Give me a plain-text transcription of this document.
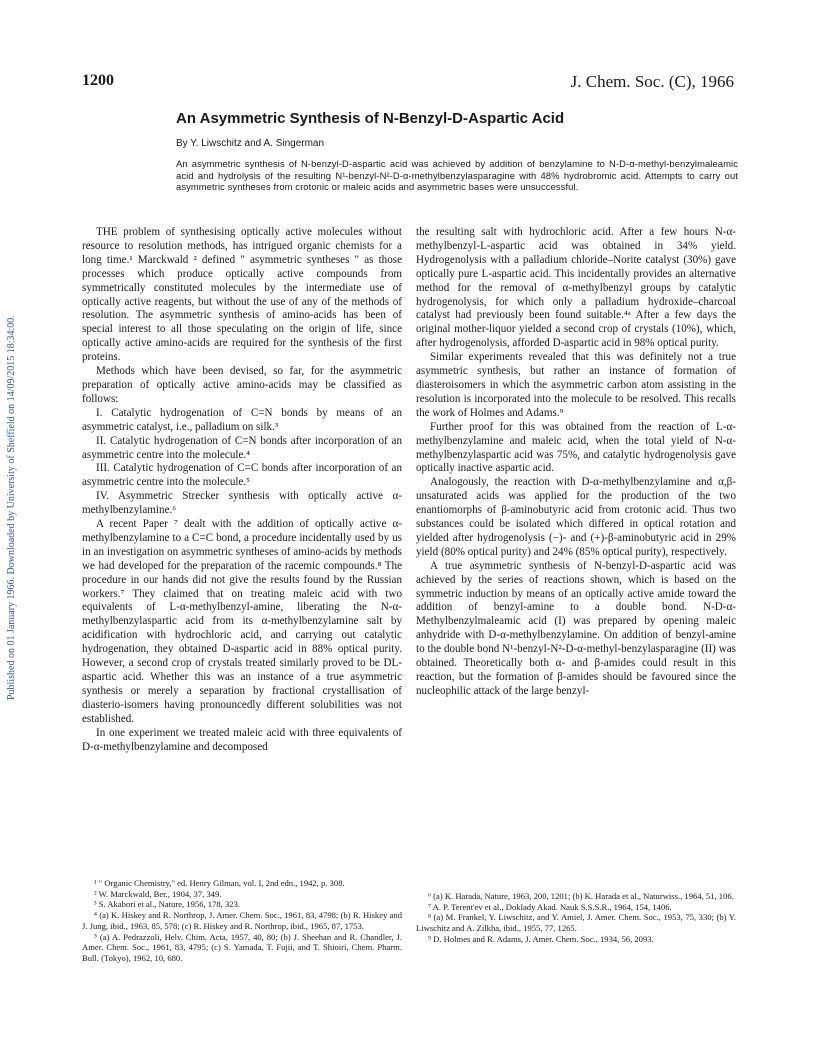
1200	J. Chem. Soc. (C), 1966
An Asymmetric Synthesis of N-Benzyl-D-Aspartic Acid
By Y. Liwschitz and A. Singerman
An asymmetric synthesis of N-benzyl-D-aspartic acid was achieved by addition of benzylamine to N-D-α-methyl-benzylmaleamic acid and hydrolysis of the resulting N¹-benzyl-N²-D-α-methylbenzylasparagine with 48% hydrobromic acid. Attempts to carry out asymmetric syntheses from crotonic or maleic acids and asymmetric bases were unsuccessful.
Published on 01 January 1966. Downloaded by University of Sheffield on 14/09/2015 18:34:00.

THE problem of synthesising optically active molecules without resource to resolution methods, has intrigued organic chemists for a long time.¹ Marckwald ² defined " asymmetric syntheses " as those processes which produce optically active compounds from symmetrically constituted molecules by the intermediate use of optically active reagents, but without the use of any of the methods of resolution. The asymmetric synthesis of amino-acids has been of special interest to all those speculating on the origin of life, since optically active amino-acids are required for the synthesis of the first proteins.

Methods which have been devised, so far, for the asymmetric preparation of optically active amino-acids may be classified as follows:

I. Catalytic hydrogenation of C=N bonds by means of an asymmetric catalyst, i.e., palladium on silk.³

II. Catalytic hydrogenation of C=N bonds after incorporation of an asymmetric centre into the molecule.⁴

III. Catalytic hydrogenation of C=C bonds after incorporation of an asymmetric centre into the molecule.⁵

IV. Asymmetric Strecker synthesis with optically active α-methylbenzylamine.⁶

A recent Paper ⁷ dealt with the addition of optically active α-methylbenzylamine to a C=C bond, a procedure incidentally used by us in an investigation on asymmetric syntheses of amino-acids by methods we had developed for the preparation of the racemic compounds.⁸ The procedure in our hands did not give the results found by the Russian workers.⁷ They claimed that on treating maleic acid with two equivalents of L-α-methylbenzyl-amine, liberating the N-α-methylbenzylaspartic acid from its α-methylbenzylamine salt by acidification with hydrochloric acid, and carrying out catalytic hydrogenation, they obtained D-aspartic acid in 88% optical purity. However, a second crop of crystals treated similarly proved to be DL-aspartic acid. Whether this was an instance of a true asymmetric synthesis or merely a separation by fractional crystallisation of diasterio-isomers having pronouncedly different solubilities was not established.

In one experiment we treated maleic acid with three equivalents of D-α-methylbenzylamine and decomposed

the resulting salt with hydrochloric acid. After a few hours N-α-methylbenzyl-L-aspartic acid was obtained in 34% yield. Hydrogenolysis with a palladium chloride–Norite catalyst (30%) gave optically pure L-aspartic acid. This incidentally provides an alternative method for the removal of α-methylbenzyl groups by catalytic hydrogenolysis, for which only a palladium hydroxide–charcoal catalyst had previously been found suitable.⁴ᵃ After a few days the original mother-liquor yielded a second crop of crystals (10%), which, after hydrogenolysis, afforded D-aspartic acid in 98% optical purity.

Similar experiments revealed that this was definitely not a true asymmetric synthesis, but rather an instance of formation of diasteroisomers in which the asymmetric carbon atom assisting in the resolution is incorporated into the molecule to be resolved. This recalls the work of Holmes and Adams.⁹

Further proof for this was obtained from the reaction of L-α-methylbenzylamine and maleic acid, when the total yield of N-α-methylbenzylaspartic acid was 75%, and catalytic hydrogenolysis gave optically inactive aspartic acid.

Analogously, the reaction with D-α-methylbenzylamine and α,β-unsaturated acids was applied for the production of the two enantiomorphs of β-aminobutyric acid from crotonic acid. Thus two substances could be isolated which differed in optical rotation and yielded after hydrogenolysis (−)- and (+)-β-aminobutyric acid in 29% yield (80% optical purity) and 24% (85% optical purity), respectively.

A true asymmetric synthesis of N-benzyl-D-aspartic acid was achieved by the series of reactions shown, which is based on the symmetric induction by means of an optically active amide toward the addition of benzyl-amine to a double bond. N-D-α-Methylbenzylmaleamic acid (I) was prepared by opening maleic anhydride with D-α-methylbenzylamine. On addition of benzyl-amine to the double bond N¹-benzyl-N²-D-α-methyl-benzylasparagine (II) was obtained. Theoretically both α- and β-amides could result in this reaction, but the formation of β-amides should be favoured since the nucleophilic attack of the large benzyl-

¹ " Organic Chemistry," ed. Henry Gilman, vol. I, 2nd edn., 1942, p. 308.

² W. Marckwald, Ber., 1904, 37, 349.

³ S. Akabori et al., Nature, 1956, 178, 323.

⁴ (a) K. Hiskey and R. Northrop, J. Amer. Chem. Soc., 1961, 83, 4798; (b) R. Hiskey and J. Jung, ibid., 1963, 85, 578; (c) R. Hiskey and R. Northrop, ibid., 1965, 87, 1753.

⁵ (a) A. Pedrazzoli, Helv. Chim. Acta, 1957, 40, 80; (b) J. Sheehan and R. Chandler, J. Amer. Chem. Soc., 1961, 83, 4795; (c) S. Yamada, T. Fujii, and T. Shioiri, Chem. Pharm. Bull. (Tokyo), 1962, 10, 680.

⁶ (a) K. Harada, Nature, 1963, 200, 1201; (b) K. Harada et al., Naturwiss., 1964, 51, 106.

⁷ A. P. Terent'ev et al., Doklady Akad. Nauk S.S.S.R., 1964, 154, 1406.

⁸ (a) M. Frankel, Y. Liwschitz, and Y. Amiel, J. Amer. Chem. Soc., 1953, 75, 330; (b) Y. Liwschitz and A. Zilkha, ibid., 1955, 77, 1265.

⁹ D. Holmes and R. Adams, J. Amer. Chem. Soc., 1934, 56, 2093.
